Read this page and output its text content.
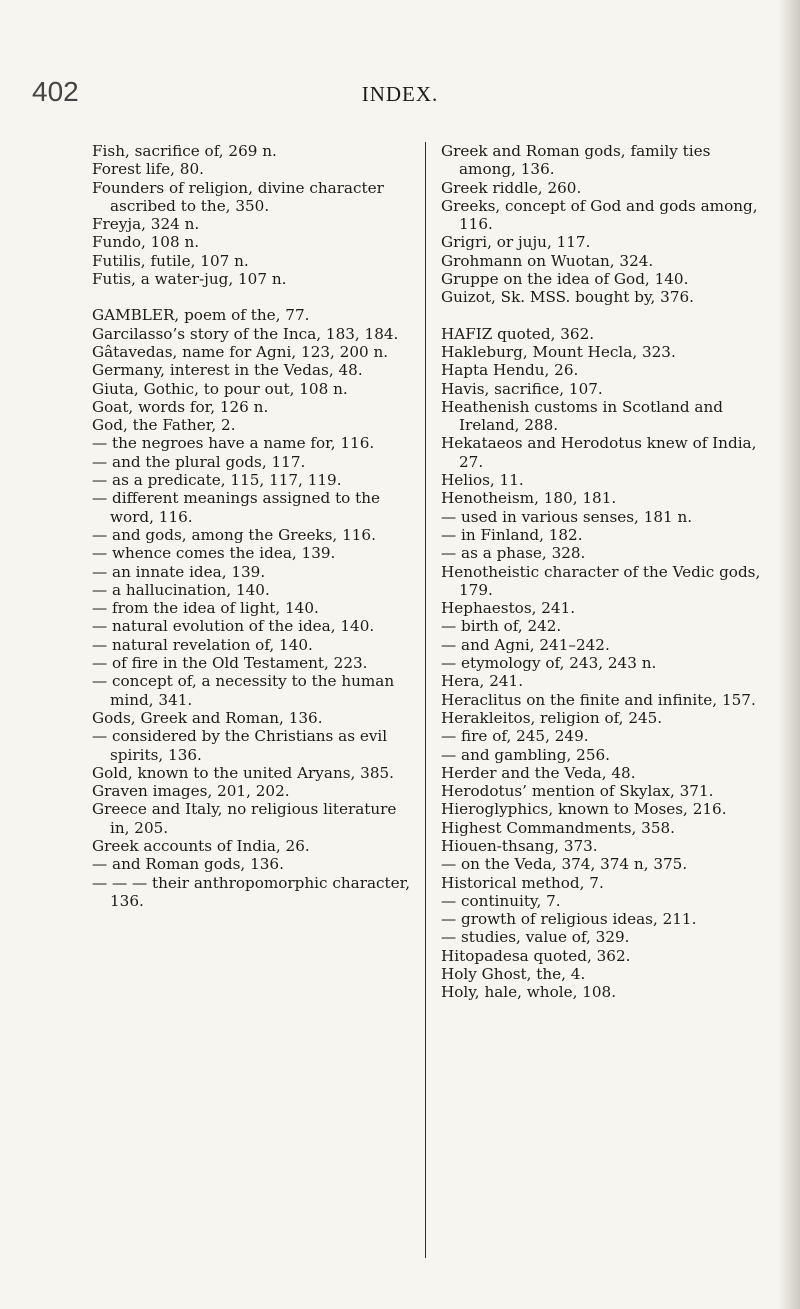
402	INDEX.

Fish, sacrifice of, 269 n.

Forest life, 80.

Founders of religion, divine character ascribed to the, 350.

Freyja, 324 n.

Fundo, 108 n.

Futilis, futile, 107 n.

Futis, a water-jug, 107 n.

GAMBLER, poem of the, 77.

Garcilasso’s story of the Inca, 183, 184.

Gâtavedas, name for Agni, 123, 200 n.

Germany, interest in the Vedas, 48.

Giuta, Gothic, to pour out, 108 n.

Goat, words for, 126 n.

God, the Father, 2.

— the negroes have a name for, 116.

— and the plural gods, 117.

— as a predicate, 115, 117, 119.

— different meanings assigned to the word, 116.

— and gods, among the Greeks, 116.

— whence comes the idea, 139.

— an innate idea, 139.

— a hallucination, 140.

— from the idea of light, 140.

— natural evolution of the idea, 140.

— natural revelation of, 140.

— of fire in the Old Testament, 223.

— concept of, a necessity to the human mind, 341.

Gods, Greek and Roman, 136.

— considered by the Christians as evil spirits, 136.

Gold, known to the united Aryans, 385.

Graven images, 201, 202.

Greece and Italy, no religious literature in, 205.

Greek accounts of India, 26.

— and Roman gods, 136.

— — — their anthropomorphic character, 136.

Greek and Roman gods, family ties among, 136.

Greek riddle, 260.

Greeks, concept of God and gods among, 116.

Grigri, or juju, 117.

Grohmann on Wuotan, 324.

Gruppe on the idea of God, 140.

Guizot, Sk. MSS. bought by, 376.

HAFIZ quoted, 362.

Hakleburg, Mount Hecla, 323.

Hapta Hendu, 26.

Havis, sacrifice, 107.

Heathenish customs in Scotland and Ireland, 288.

Hekataeos and Herodotus knew of India, 27.

Helios, 11.

Henotheism, 180, 181.

— used in various senses, 181 n.

— in Finland, 182.

— as a phase, 328.

Henotheistic character of the Vedic gods, 179.

Hephaestos, 241.

— birth of, 242.

— and Agni, 241–242.

— etymology of, 243, 243 n.

Hera, 241.

Heraclitus on the finite and infinite, 157.

Herakleitos, religion of, 245.

— fire of, 245, 249.

— and gambling, 256.

Herder and the Veda, 48.

Herodotus’ mention of Skylax, 371.

Hieroglyphics, known to Moses, 216.

Highest Commandments, 358.

Hiouen-thsang, 373.

— on the Veda, 374, 374 n, 375.

Historical method, 7.

— continuity, 7.

— growth of religious ideas, 211.

— studies, value of, 329.

Hitopadesa quoted, 362.

Holy Ghost, the, 4.

Holy, hale, whole, 108.
